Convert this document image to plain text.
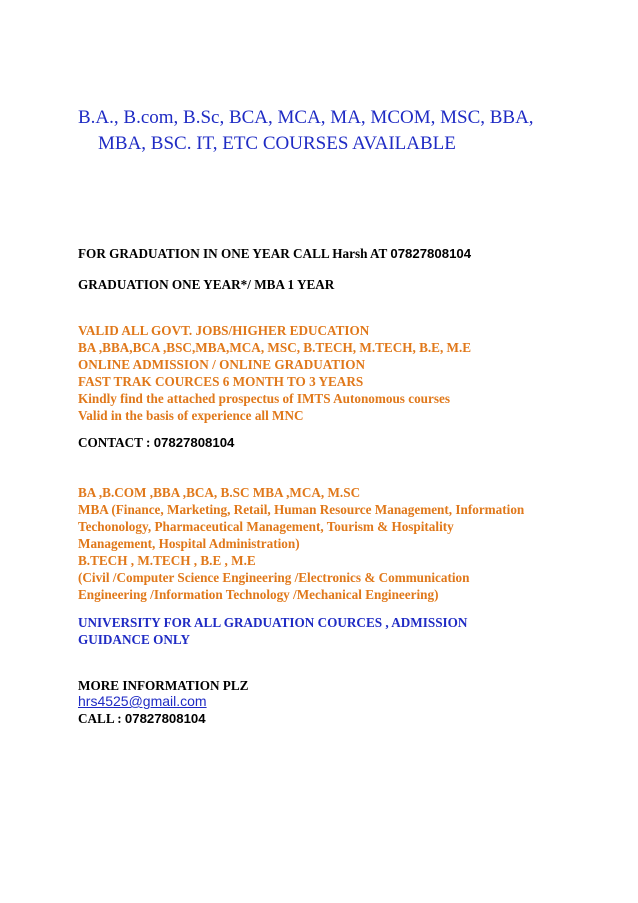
B.A., B.com, B.Sc, BCA, MCA, MA, MCOM, MSC, BBA,
MBA, BSC. IT, ETC COURSES AVAILABLE
FOR GRADUATION IN ONE YEAR CALL Harsh AT 07827808104
GRADUATION ONE YEAR*/ MBA 1 YEAR
VALID ALL GOVT. JOBS/HIGHER EDUCATION
BA ,BBA,BCA ,BSC,MBA,MCA, MSC, B.TECH, M.TECH, B.E, M.E
ONLINE ADMISSION / ONLINE GRADUATION
FAST TRAK COURCES 6 MONTH TO 3 YEARS
Kindly find the attached prospectus of IMTS Autonomous courses
Valid in the basis of experience all MNC
CONTACT : 07827808104
BA ,B.COM ,BBA ,BCA, B.SC MBA ,MCA, M.SC
MBA (Finance, Marketing, Retail, Human Resource Management, Information
Techonology, Pharmaceutical Management, Tourism & Hospitality
Management, Hospital Administration)
B.TECH , M.TECH , B.E , M.E
(Civil /Computer Science Engineering /Electronics & Communication
Engineering /Information Technology /Mechanical Engineering)
UNIVERSITY FOR ALL GRADUATION COURCES , ADMISSION
GUIDANCE ONLY
MORE INFORMATION PLZ
hrs4525@gmail.com
CALL : 07827808104
